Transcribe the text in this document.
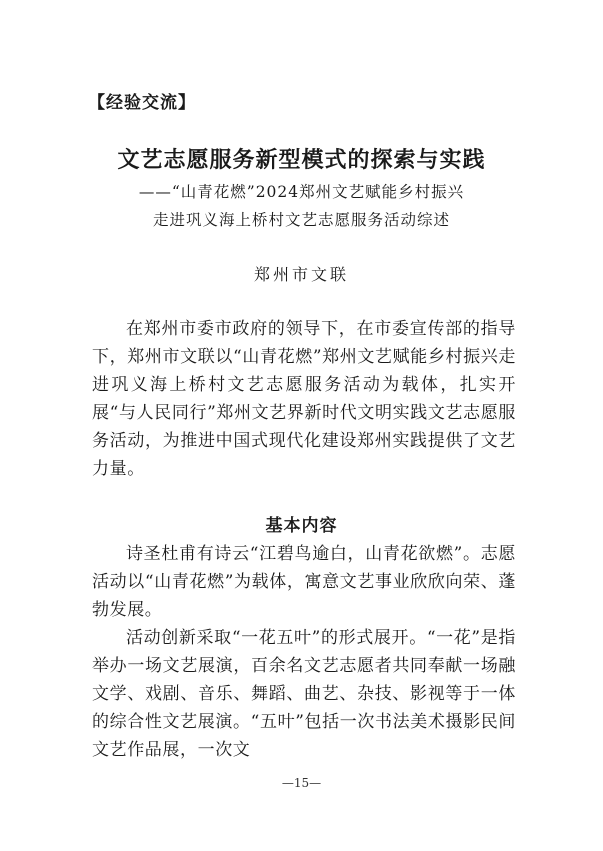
【经验交流】
文艺志愿服务新型模式的探索与实践
——“山青花燃”2024郑州文艺赋能乡村振兴
走进巩义海上桥村文艺志愿服务活动综述
郑州市文联

在郑州市委市政府的领导下，在市委宣传部的指导下，郑州市文联以“山青花燃”郑州文艺赋能乡村振兴走进巩义海上桥村文艺志愿服务活动为载体，扎实开展“与人民同行”郑州文艺界新时代文明实践文艺志愿服务活动，为推进中国式现代化建设郑州实践提供了文艺力量。

基本内容

诗圣杜甫有诗云“江碧鸟逾白，山青花欲燃”。志愿活动以“山青花燃”为载体，寓意文艺事业欣欣向荣、蓬勃发展。

活动创新采取“一花五叶”的形式展开。“一花”是指举办一场文艺展演，百余名文艺志愿者共同奉献一场融文学、戏剧、音乐、舞蹈、曲艺、杂技、影视等于一体的综合性文艺展演。“五叶”包括一次书法美术摄影民间文艺作品展，一次文

—15—
